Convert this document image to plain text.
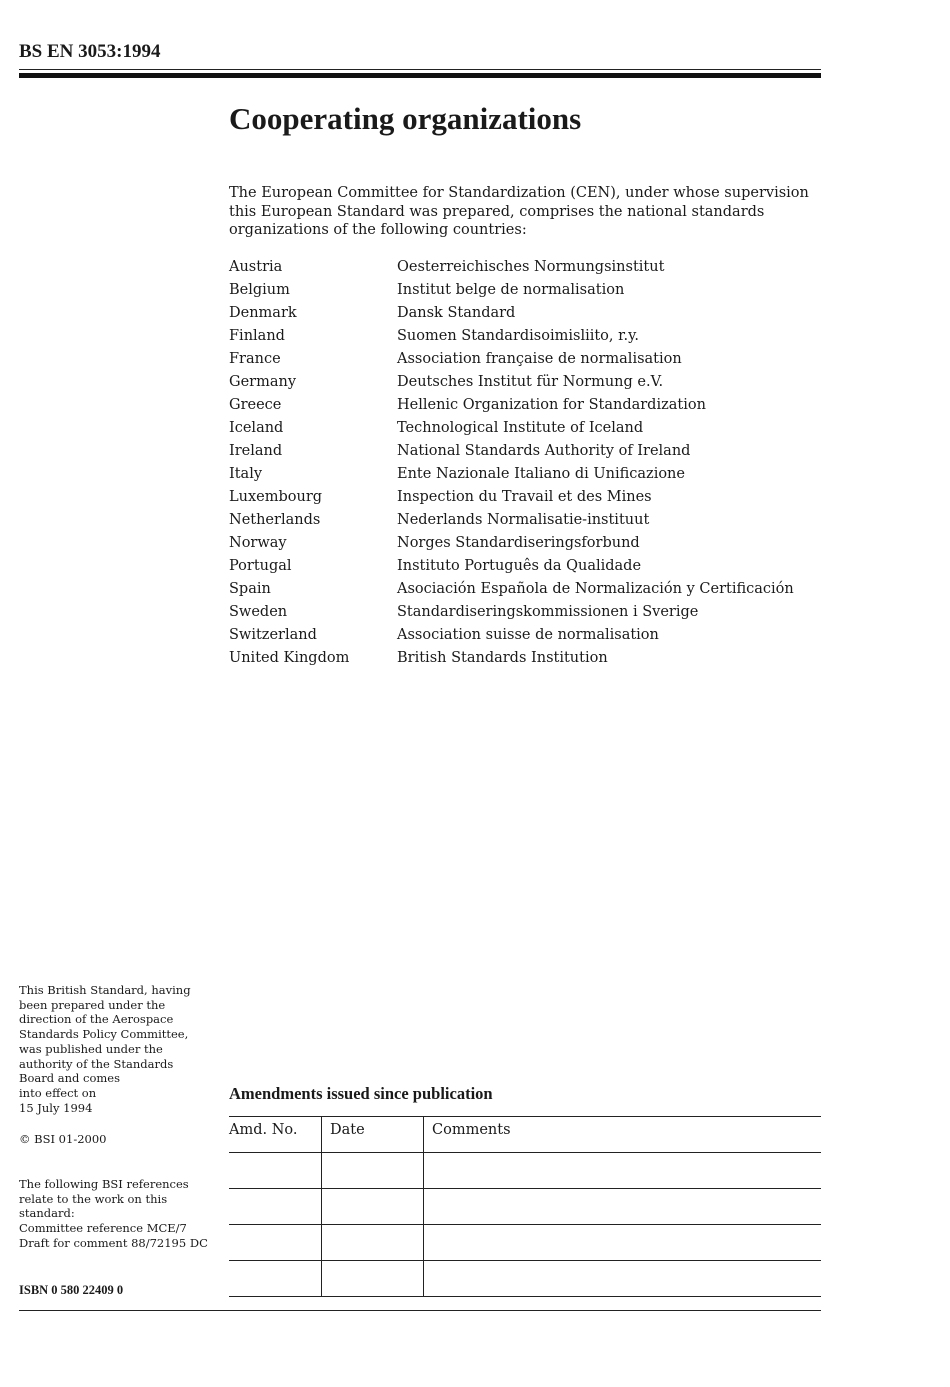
BS EN 3053:1994
Cooperating organizations

The European Committee for Standardization (CEN), under whose supervision this European Standard was prepared, comprises the national standards organizations of the following countries:

Austria	Oesterreichisches Normungsinstitut
Belgium	Institut belge de normalisation
Denmark	Dansk Standard
Finland	Suomen Standardisoimisliito, r.y.
France	Association française de normalisation
Germany	Deutsches Institut für Normung e.V.
Greece	Hellenic Organization for Standardization
Iceland	Technological Institute of Iceland
Ireland	National Standards Authority of Ireland
Italy	Ente Nazionale Italiano di Unificazione
Luxembourg	Inspection du Travail et des Mines
Netherlands	Nederlands Normalisatie-instituut
Norway	Norges Standardiseringsforbund
Portugal	Instituto Português da Qualidade
Spain	Asociación Española de Normalización y Certificación
Sweden	Standardiseringskommissionen i Sverige
Switzerland	Association suisse de normalisation
United Kingdom	British Standards Institution
This British Standard, having
been prepared under the
direction of the Aerospace
Standards Policy Committee,
was published under the
authority of the Standards
Board and comes
into effect on
15 July 1994
© BSI 01-2000
The following BSI references
relate to the work on this
standard:
Committee reference MCE/7
Draft for comment 88/72195 DC
ISBN 0 580 22409 0
Amendments issued since publication
Amd. No.	Date	Comments
